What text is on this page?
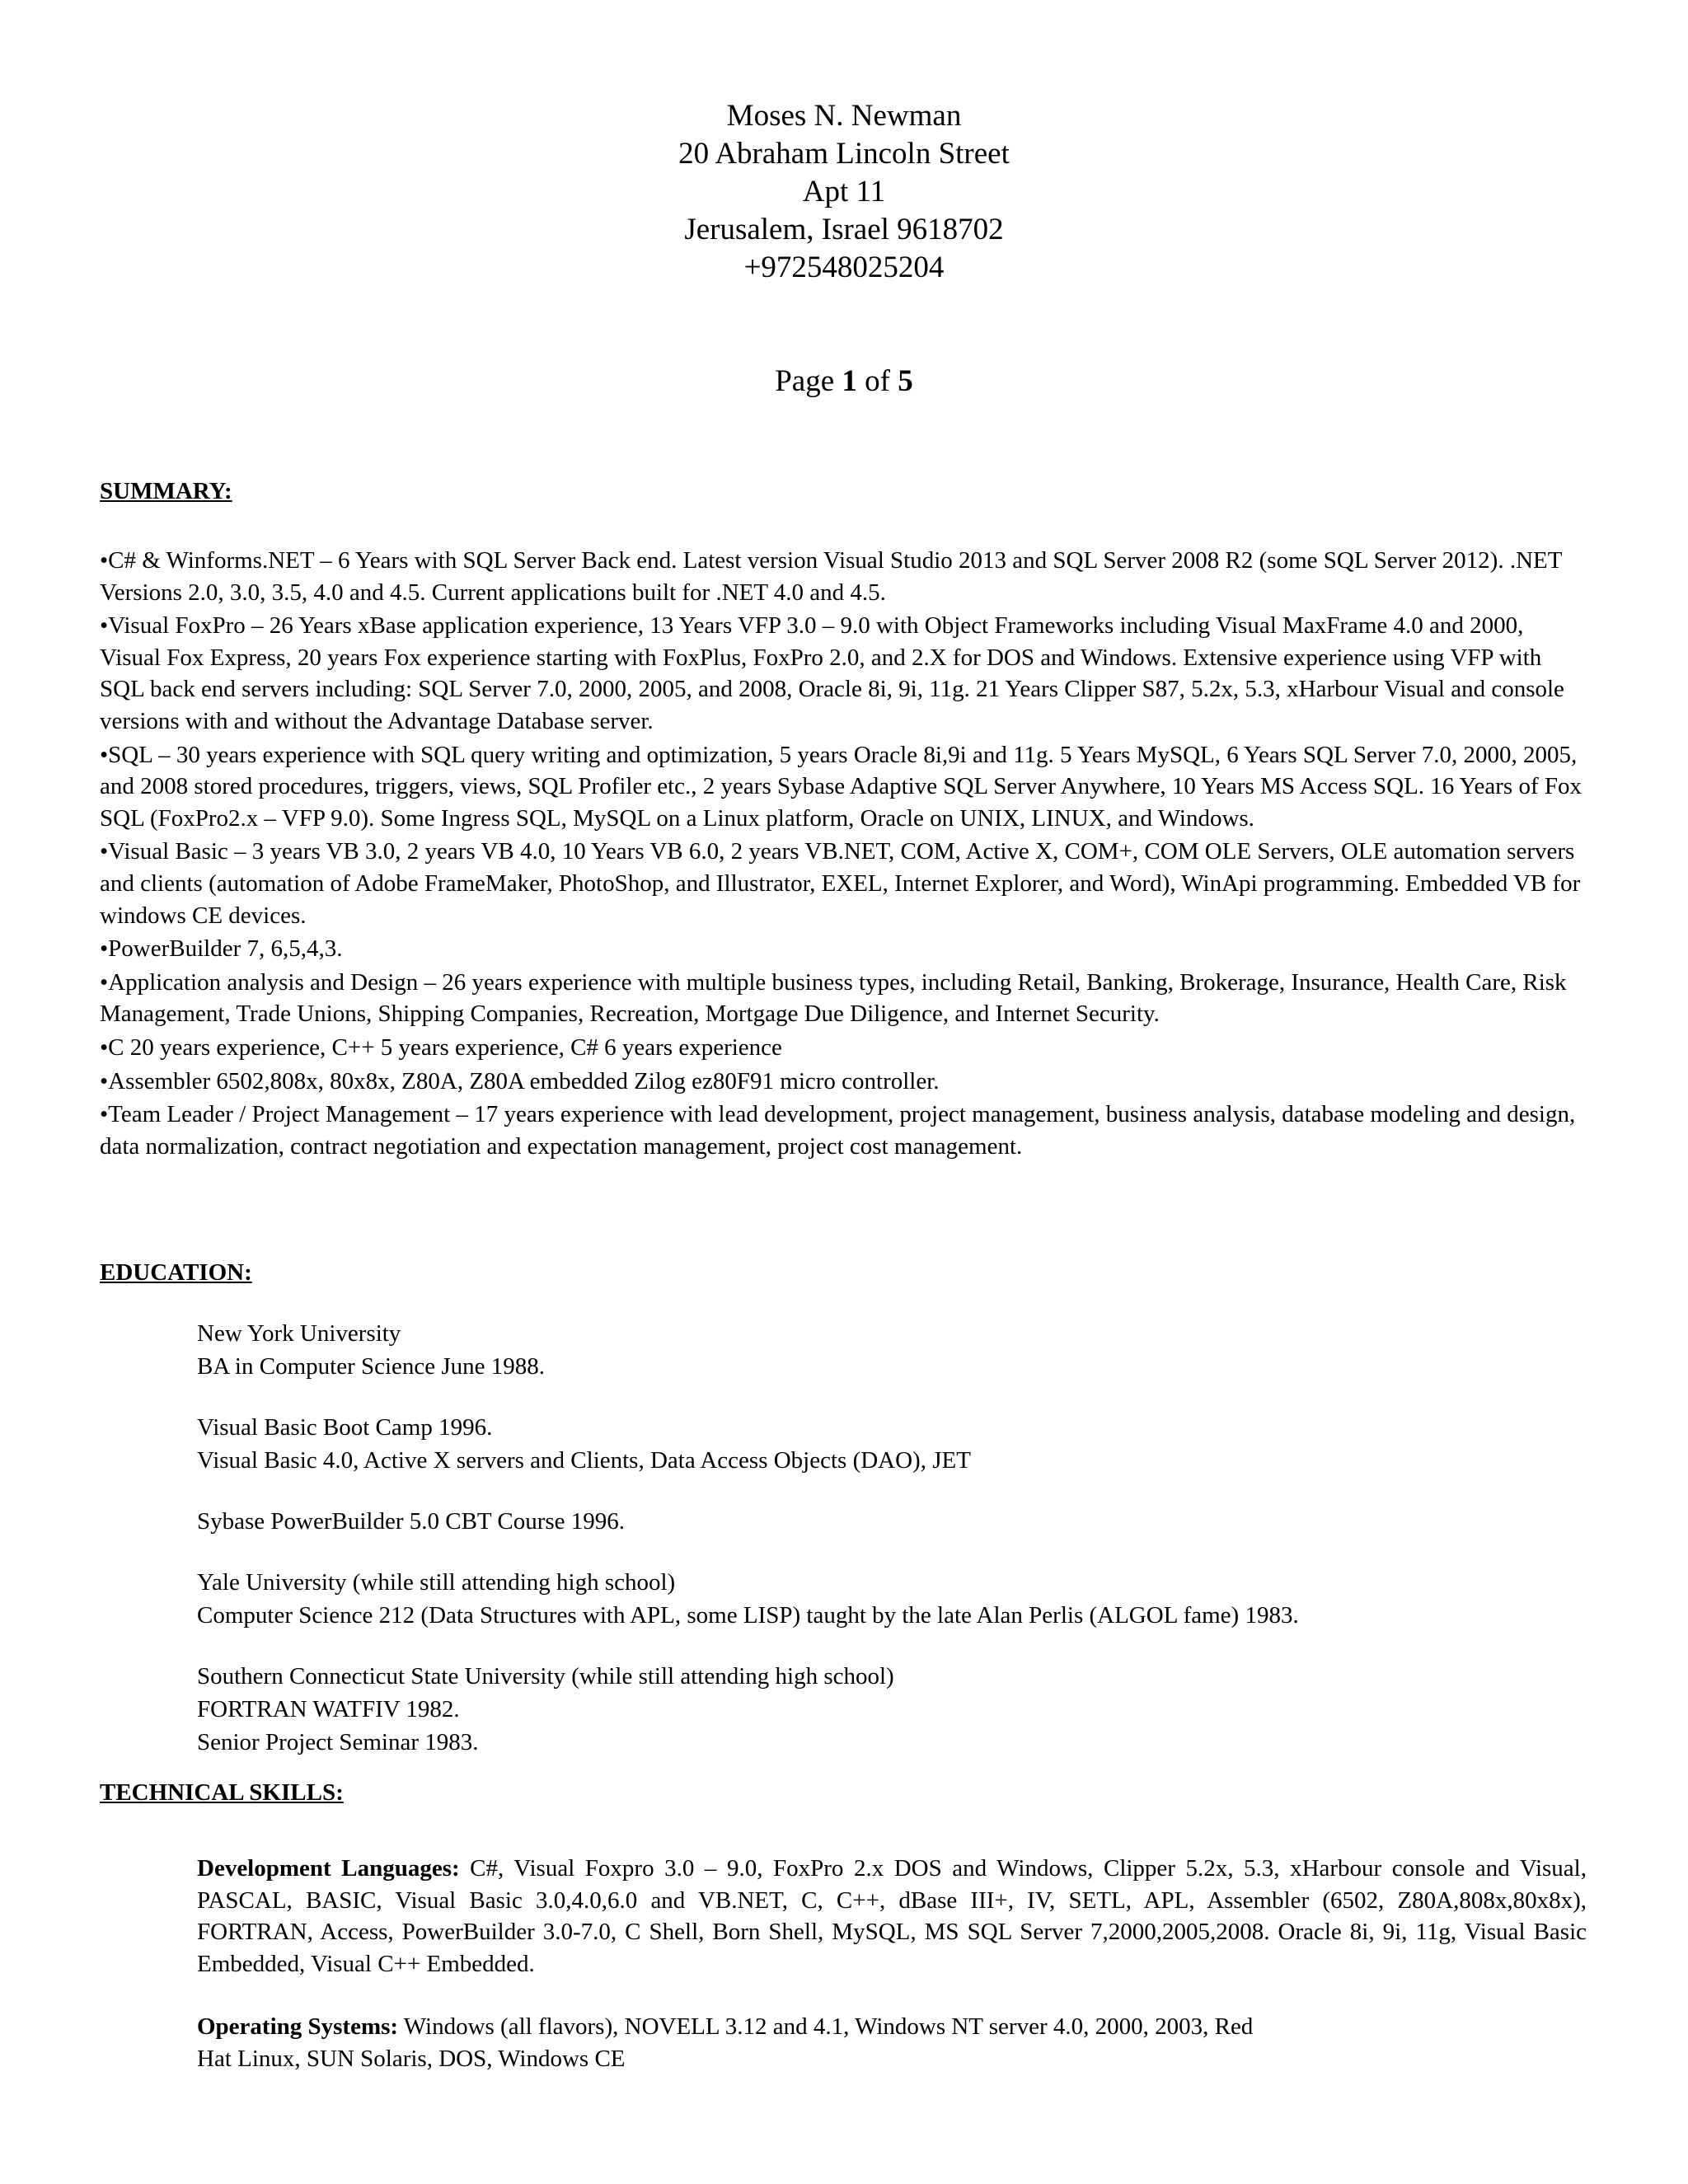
Moses N. Newman
20 Abraham Lincoln Street
Apt 11
Jerusalem, Israel 9618702
+972548025204
Page 1 of 5
SUMMARY:
•C# & Winforms.NET – 6 Years with SQL Server Back end. Latest version Visual Studio 2013 and SQL Server 2008 R2 (some SQL Server 2012). .NET Versions 2.0, 3.0, 3.5, 4.0 and 4.5. Current applications built for .NET 4.0 and 4.5.
•Visual FoxPro – 26 Years xBase application experience, 13 Years VFP 3.0 – 9.0 with Object Frameworks including Visual MaxFrame 4.0 and 2000, Visual Fox Express, 20 years Fox experience starting with FoxPlus, FoxPro 2.0, and 2.X for DOS and Windows. Extensive experience using VFP with SQL back end servers including: SQL Server 7.0, 2000, 2005, and 2008, Oracle 8i, 9i, 11g. 21 Years Clipper S87, 5.2x, 5.3, xHarbour Visual and console versions with and without the Advantage Database server.
•SQL – 30 years experience with SQL query writing and optimization, 5 years Oracle 8i,9i and 11g. 5 Years MySQL, 6 Years SQL Server 7.0, 2000, 2005, and 2008 stored procedures, triggers, views, SQL Profiler etc., 2 years Sybase Adaptive SQL Server Anywhere, 10 Years MS Access SQL. 16 Years of Fox SQL (FoxPro2.x – VFP 9.0). Some Ingress SQL, MySQL on a Linux platform, Oracle on UNIX, LINUX, and Windows.
•Visual Basic – 3 years VB 3.0, 2 years VB 4.0, 10 Years VB 6.0, 2 years VB.NET, COM, Active X, COM+, COM OLE Servers, OLE automation servers and clients (automation of Adobe FrameMaker, PhotoShop, and Illustrator, EXEL, Internet Explorer, and Word), WinApi programming. Embedded VB for windows CE devices.
•PowerBuilder 7, 6,5,4,3.
•Application analysis and Design – 26 years experience with multiple business types, including Retail, Banking, Brokerage, Insurance, Health Care, Risk Management, Trade Unions, Shipping Companies, Recreation, Mortgage Due Diligence, and Internet Security.
•C 20 years experience, C++ 5 years experience, C# 6 years experience
•Assembler 6502,808x, 80x8x, Z80A, Z80A embedded Zilog ez80F91 micro controller.
•Team Leader / Project Management – 17 years experience with lead development, project management, business analysis, database modeling and design, data normalization, contract negotiation and expectation management, project cost management.
EDUCATION:
New York University
BA in Computer Science June 1988.
Visual Basic Boot Camp 1996.
Visual Basic 4.0, Active X servers and Clients, Data Access Objects (DAO), JET
Sybase PowerBuilder 5.0 CBT Course 1996.
Yale University (while still attending high school)
Computer Science 212 (Data Structures with APL, some LISP) taught by the late Alan Perlis (ALGOL fame) 1983.
Southern Connecticut State University (while still attending high school)
FORTRAN WATFIV 1982.
Senior Project Seminar 1983.
TECHNICAL SKILLS:
Development Languages: C#, Visual Foxpro 3.0 – 9.0, FoxPro 2.x DOS and Windows, Clipper 5.2x, 5.3, xHarbour console and Visual, PASCAL, BASIC, Visual Basic 3.0,4.0,6.0 and VB.NET, C, C++, dBase III+, IV, SETL, APL, Assembler (6502, Z80A,808x,80x8x), FORTRAN, Access, PowerBuilder 3.0-7.0, C Shell, Born Shell, MySQL, MS SQL Server 7,2000,2005,2008. Oracle 8i, 9i, 11g, Visual Basic Embedded, Visual C++ Embedded.
Operating Systems: Windows (all flavors), NOVELL 3.12 and 4.1, Windows NT server 4.0, 2000, 2003, Red
Hat Linux, SUN Solaris, DOS, Windows CE
